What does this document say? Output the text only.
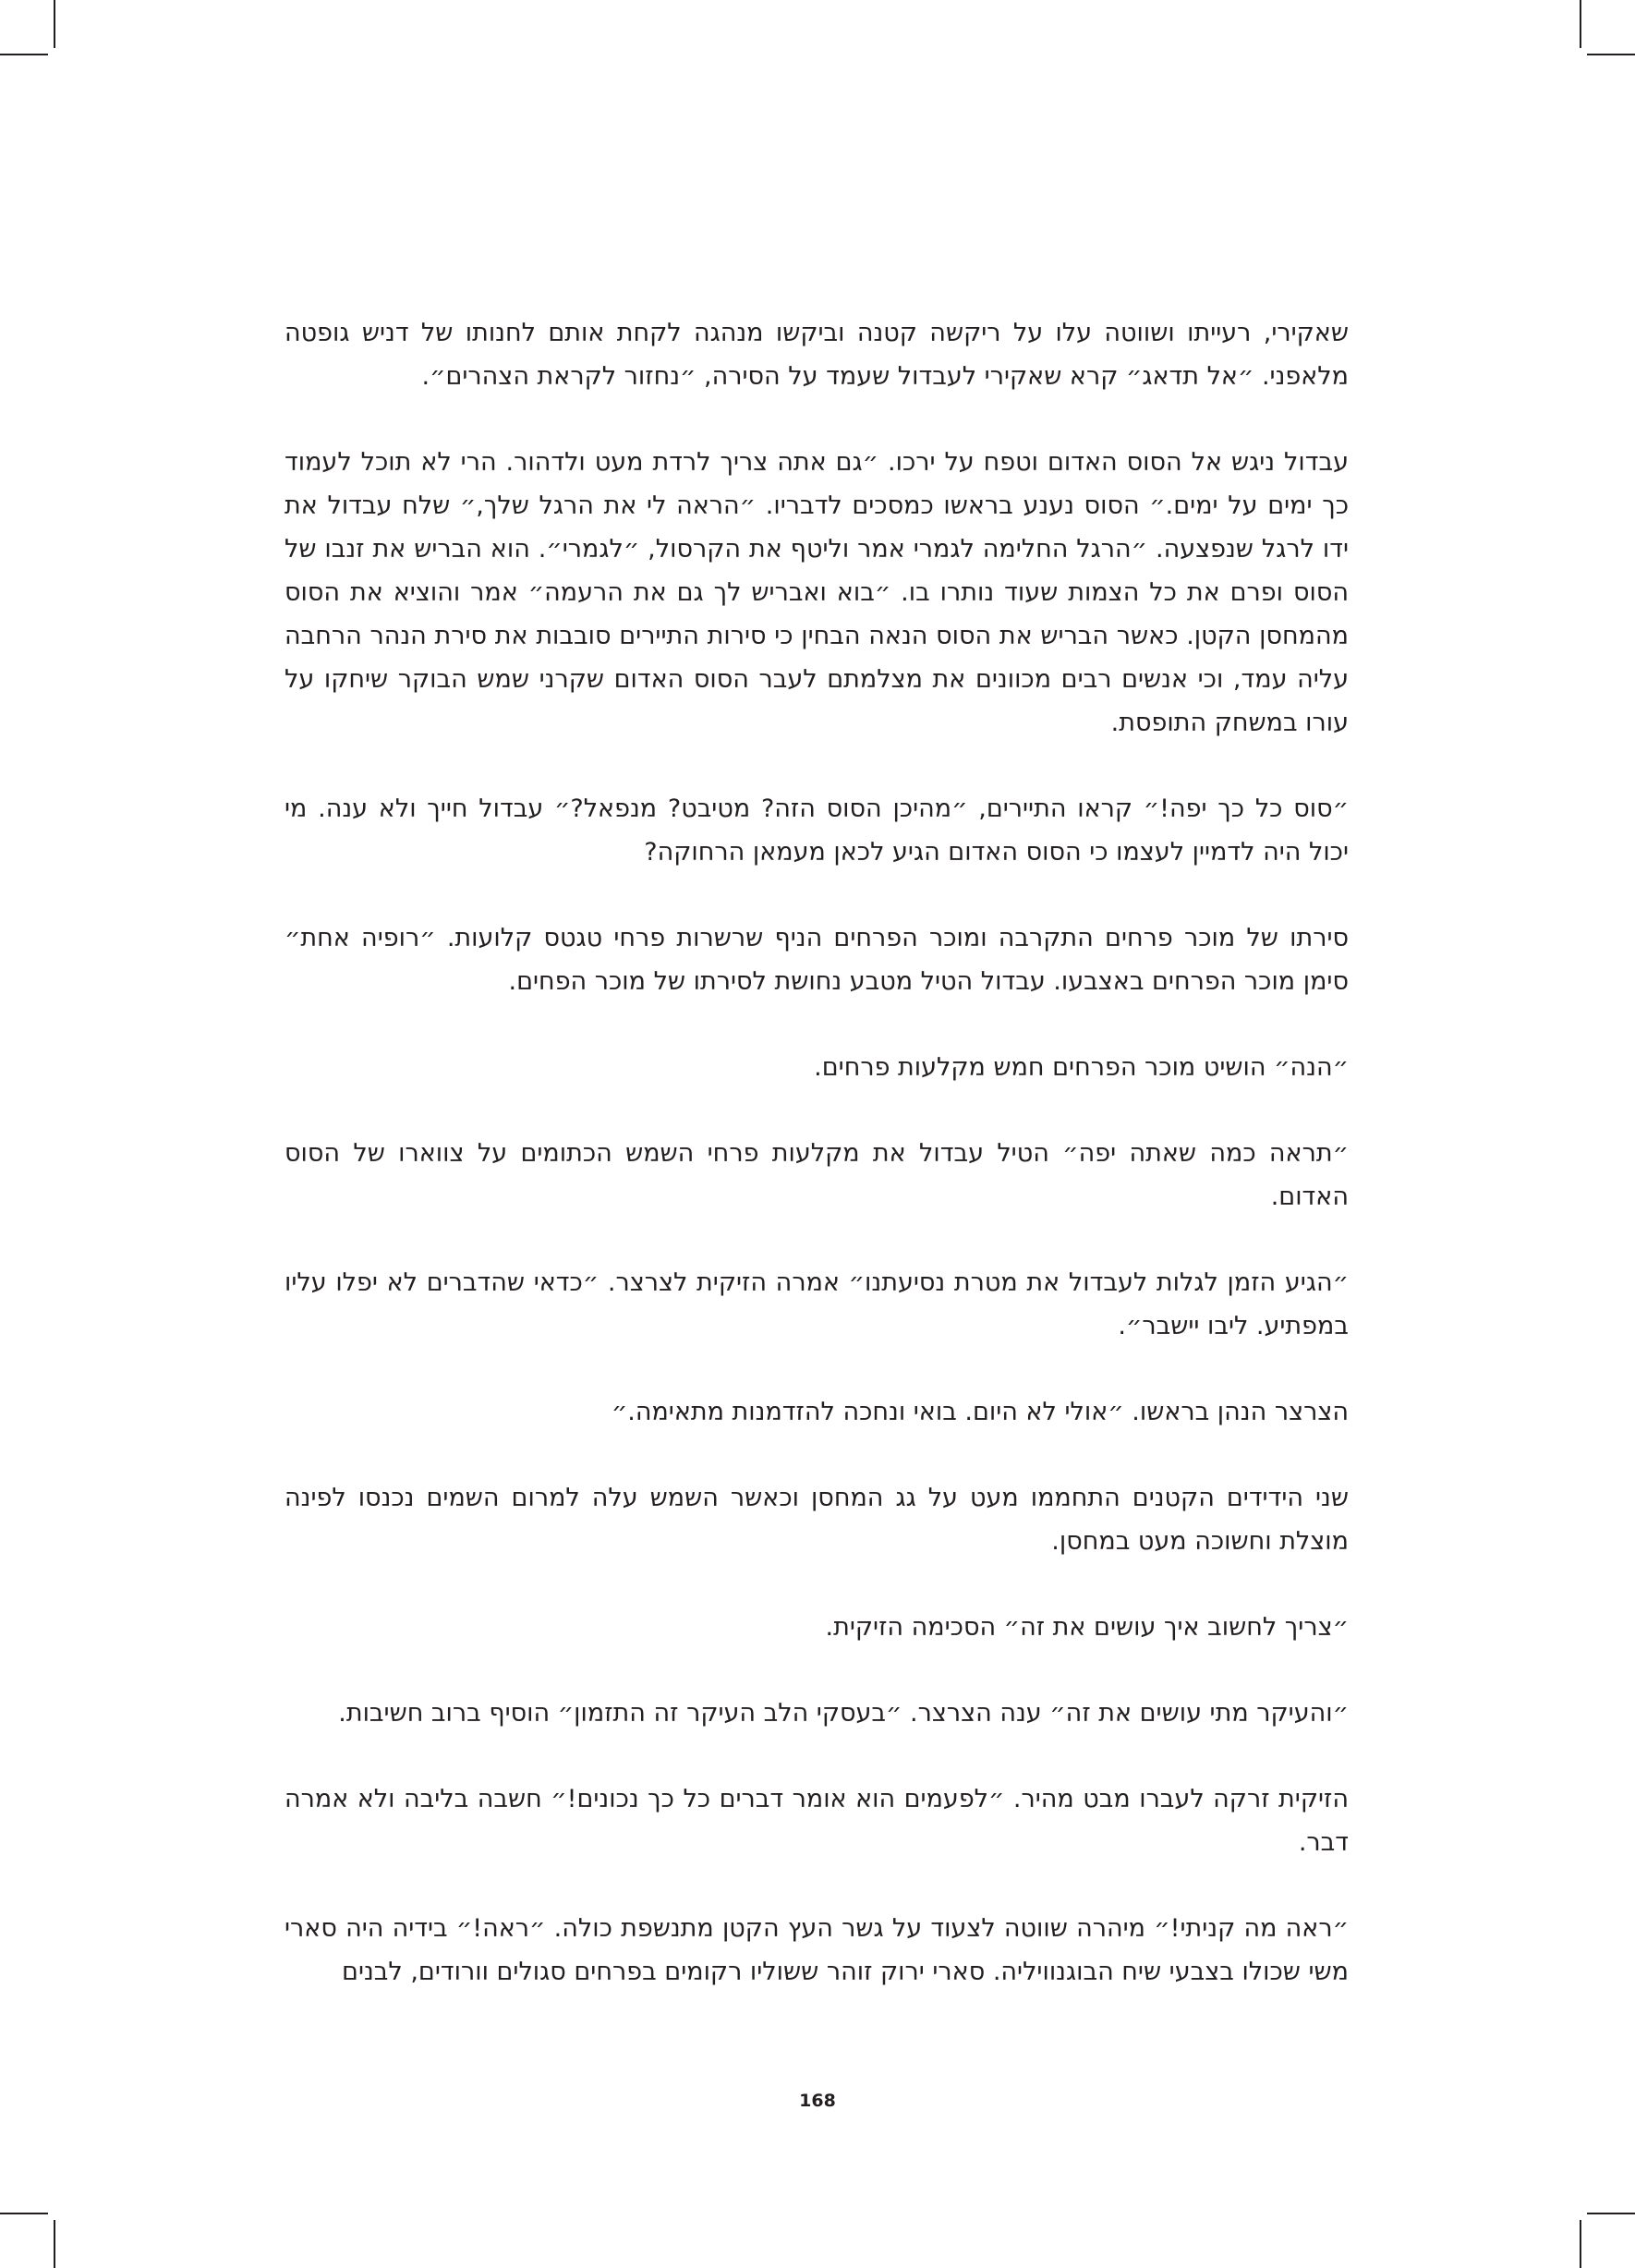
שאקירי, רעייתו ושווטה עלו על ריקשה קטנה וביקשו מנהגה לקחת אותם לחנותו של דניש גופטה מלאפני. ״אל תדאג״ קרא שאקירי לעבדול שעמד על הסירה, ״נחזור לקראת הצהרים״.

עבדול ניגש אל הסוס האדום וטפח על ירכו. ״גם אתה צריך לרדת מעט ולדהור. הרי לא תוכל לעמוד כך ימים על ימים.״ הסוס נענע בראשו כמסכים לדבריו. ״הראה לי את הרגל שלך,״ שלח עבדול את ידו לרגל שנפצעה. ״הרגל החלימה לגמרי אמר וליטף את הקרסול, ״לגמרי״. הוא הבריש את זנבו של הסוס ופרם את כל הצמות שעוד נותרו בו. ״בוא ואבריש לך גם את הרעמה״ אמר והוציא את הסוס מהמחסן הקטן. כאשר הבריש את הסוס הנאה הבחין כי סירות התיירים סובבות את סירת הנהר הרחבה עליה עמד, וכי אנשים רבים מכוונים את מצלמתם לעבר הסוס האדום שקרני שמש הבוקר שיחקו על עורו במשחק התופסת.

״סוס כל כך יפה!״ קראו התיירים, ״מהיכן הסוס הזה? מטיבט? מנפאל?״ עבדול חייך ולא ענה. מי יכול היה לדמיין לעצמו כי הסוס האדום הגיע לכאן מעמאן הרחוקה?

סירתו של מוכר פרחים התקרבה ומוכר הפרחים הניף שרשרות פרחי טגטס קלועות. ״רופיה אחת״ סימן מוכר הפרחים באצבעו. עבדול הטיל מטבע נחושת לסירתו של מוכר הפחים.

״הנה״ הושיט מוכר הפרחים חמש מקלעות פרחים.

״תראה כמה שאתה יפה״ הטיל עבדול את מקלעות פרחי השמש הכתומים על צווארו של הסוס האדום.

״הגיע הזמן לגלות לעבדול את מטרת נסיעתנו״ אמרה הזיקית לצרצר. ״כדאי שהדברים לא יפלו עליו במפתיע. ליבו יישבר״.

הצרצר הנהן בראשו. ״אולי לא היום. בואי ונחכה להזדמנות מתאימה.״

שני הידידים הקטנים התחממו מעט על גג המחסן וכאשר השמש עלה למרום השמים נכנסו לפינה מוצלת וחשוכה מעט במחסן.

״צריך לחשוב איך עושים את זה״ הסכימה הזיקית.

״והעיקר מתי עושים את זה״ ענה הצרצר. ״בעסקי הלב העיקר זה התזמון״ הוסיף ברוב חשיבות.

הזיקית זרקה לעברו מבט מהיר. ״לפעמים הוא אומר דברים כל כך נכונים!״ חשבה בליבה ולא אמרה דבר.

״ראה מה קניתי!״ מיהרה שווטה לצעוד על גשר העץ הקטן מתנשפת כולה. ״ראה!״ בידיה היה סארי משי שכולו בצבעי שיח הבוגנוויליה. סארי ירוק זוהר ששוליו רקומים בפרחים סגולים וורודים, לבנים

168
